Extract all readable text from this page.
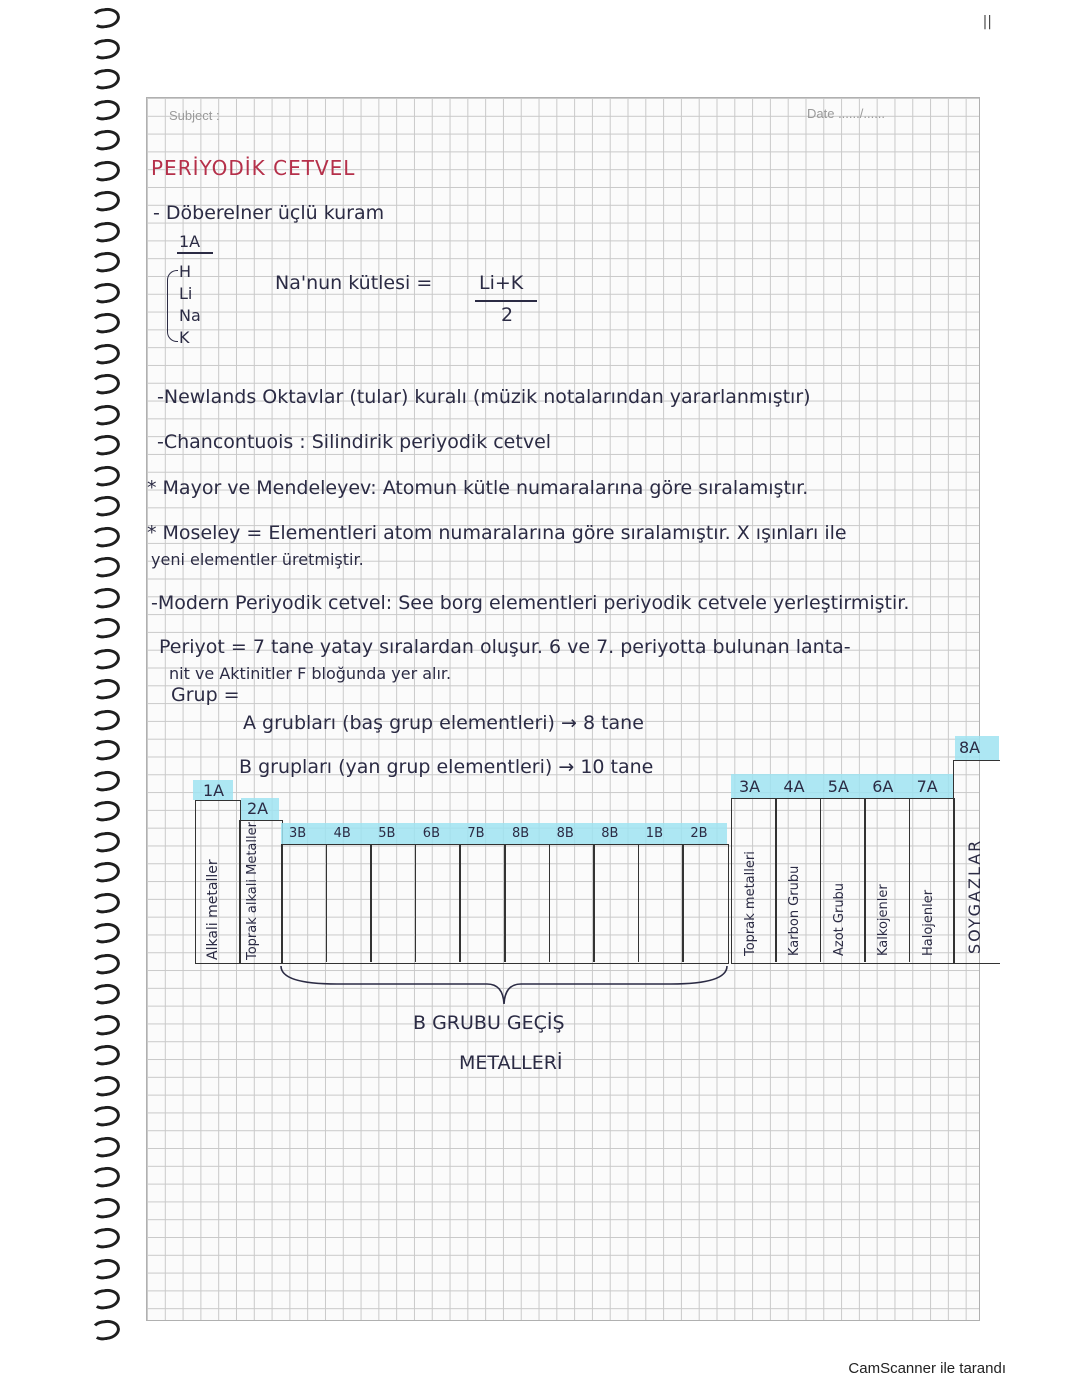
||
Subject :	Date ....../......
PERİYODİK CETVEL
- Döberelner üçlü kuram
1A
H
Li
Na
K
Na'nun kütlesi = Li+K
2
-Newlands Oktavlar (tular) kuralı (müzik notalarından yararlanmıştır)
-Chancontuois : Silindirik periyodik cetvel
* Mayor ve Mendeleyev: Atomun kütle numaralarına göre sıralamıştır.
* Moseley = Elementleri atom numaralarına göre sıralamıştır. X ışınları ile
yeni elementler üretmiştir.
-Modern Periyodik cetvel: See borg elementleri periyodik cetvele yerleştirmiştir.
Periyot = 7 tane yatay sıralardan oluşur. 6 ve 7. periyotta bulunan lanta-
nit ve Aktinitler F bloğunda yer alır.
Grup =
A grubları (baş grup elementleri) → 8 tane
B grupları (yan grup elementleri) → 10 tane
1A
Alkali metaller
2A
Toprak alkali Metaller 3B 4B 5B 6B 7B 8B 8B 8B 1B 2B
3A
Toprak metalleri
4A
Karbon Grubu
5A
Azot Grubu
6A
Kalkojenler
7A
Halojenler
8A
SOYGAZLAR
B GRUBU GEÇİŞ
METALLERİ
CamScanner ile tarandı
